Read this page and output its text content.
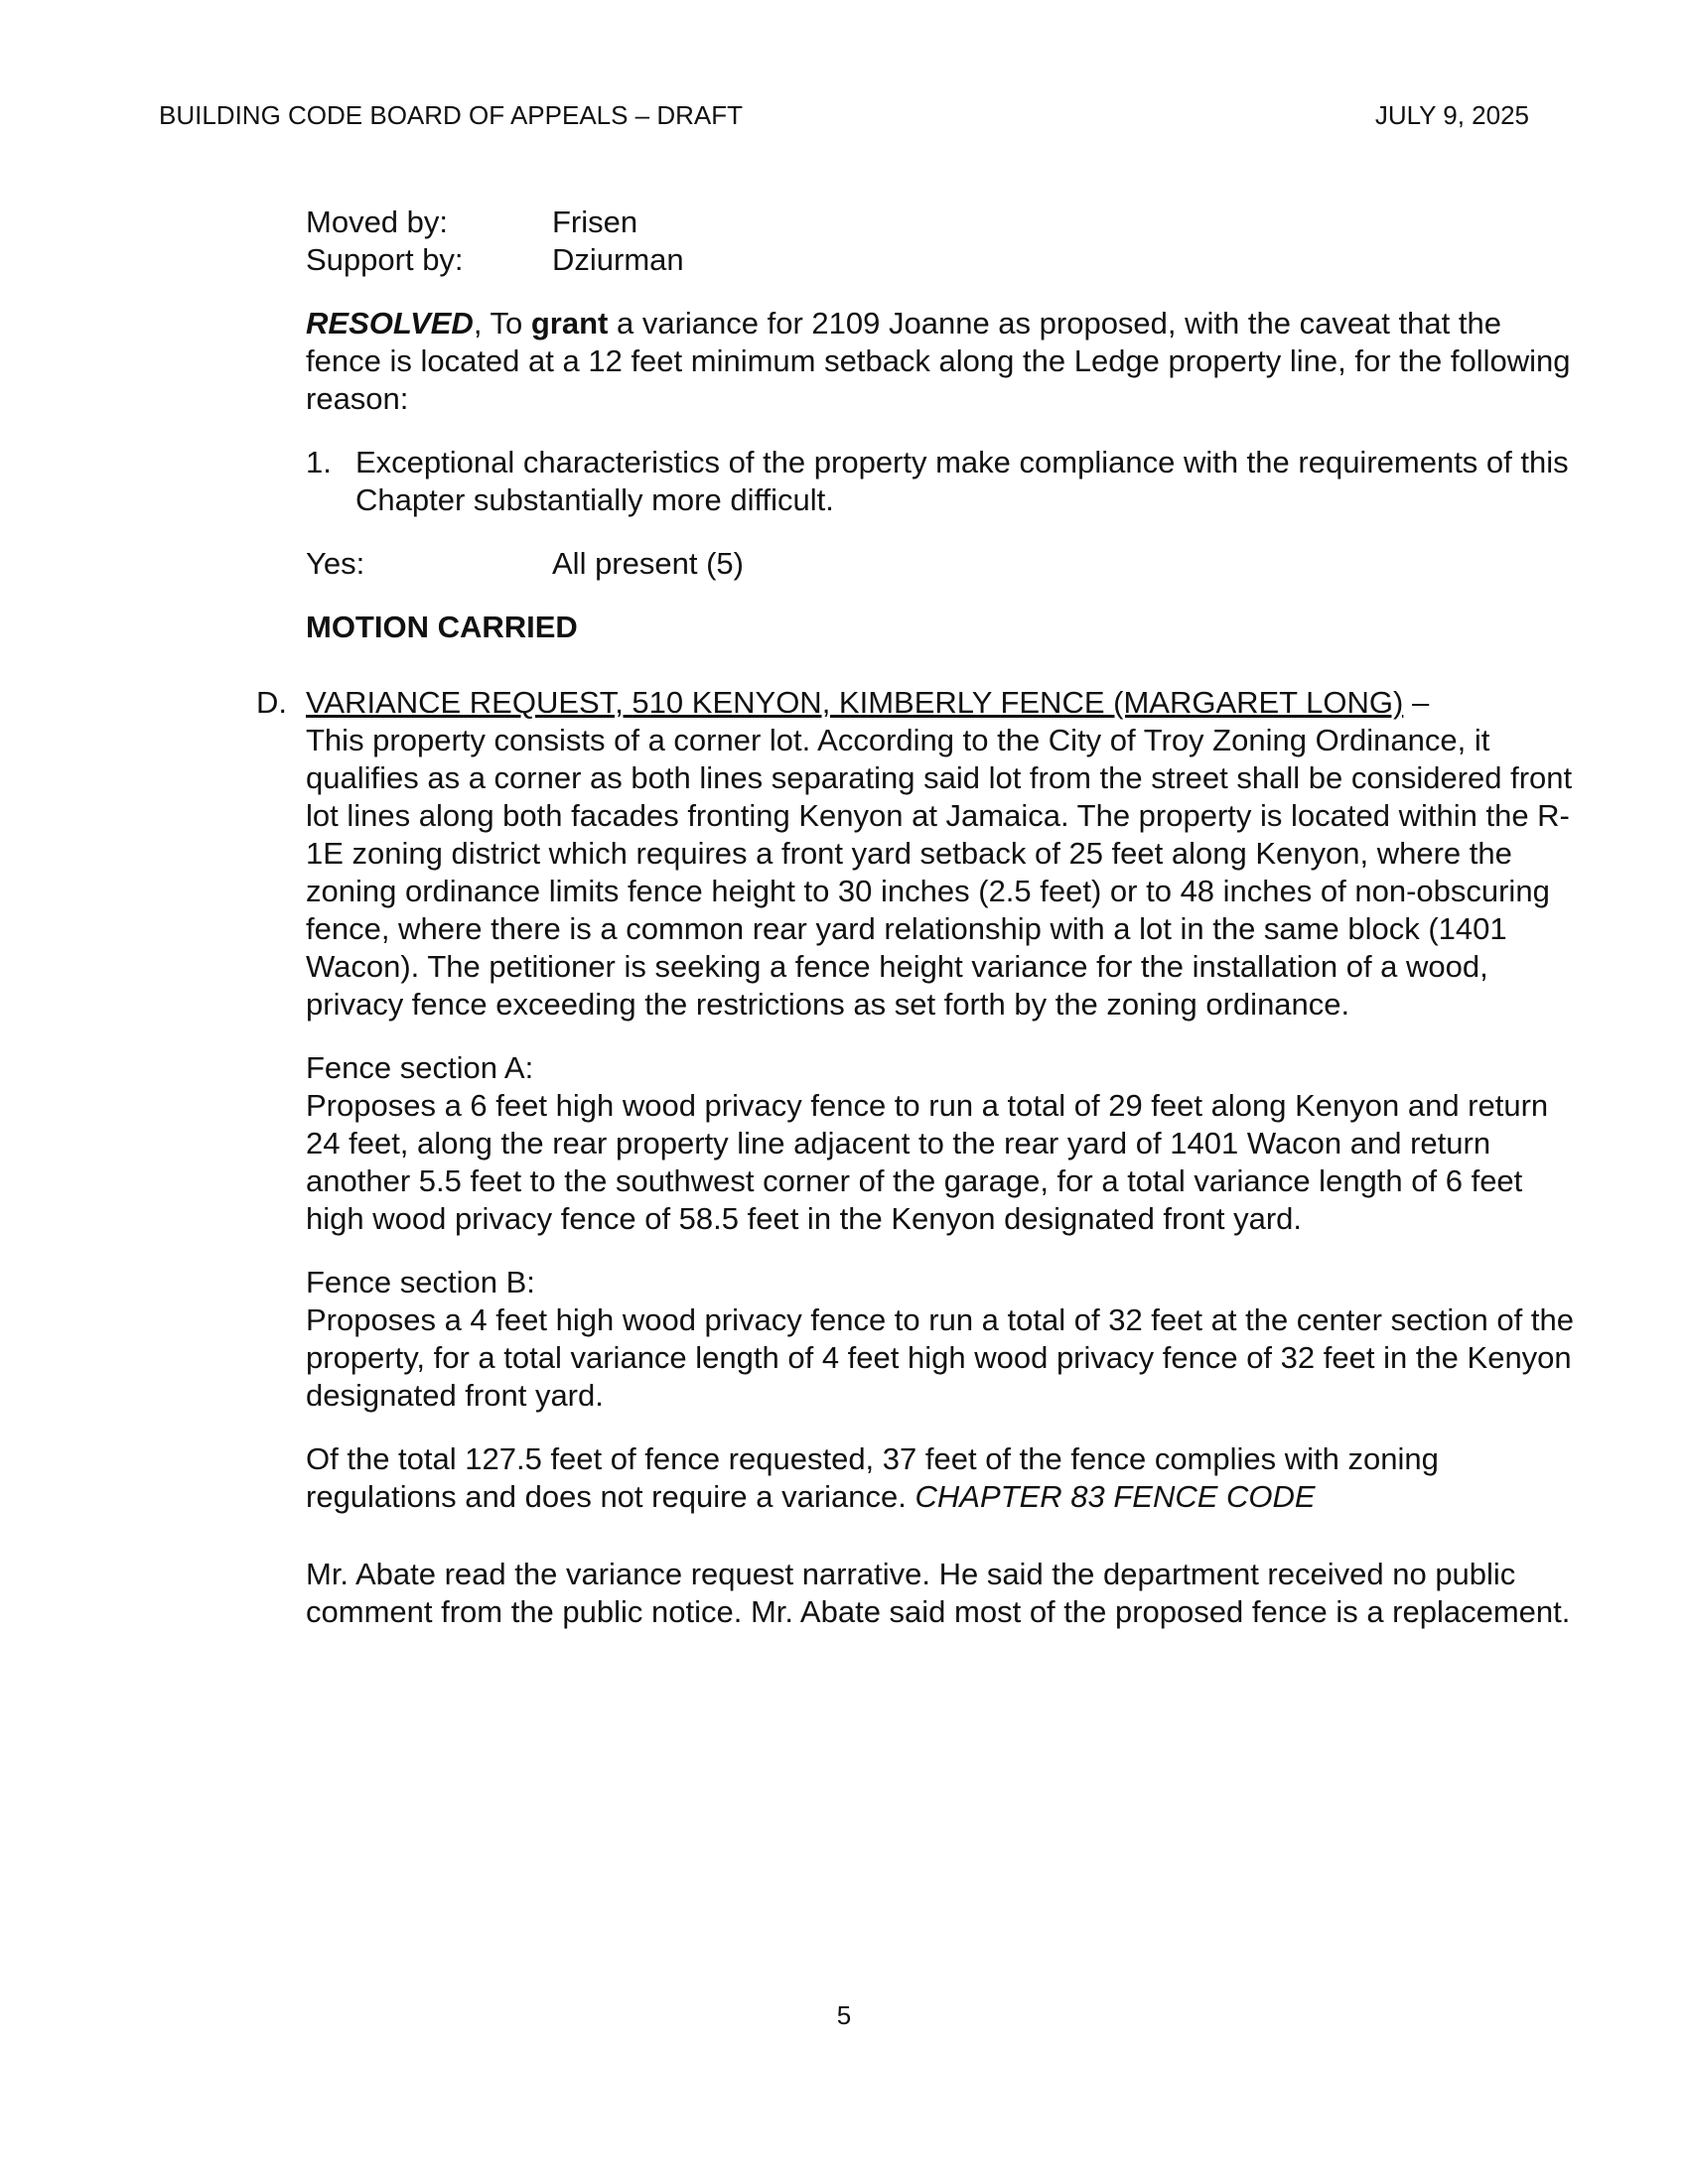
BUILDING CODE BOARD OF APPEALS – DRAFT	JULY 9, 2025
Moved by:	Frisen
Support by:	Dziurman

RESOLVED, To grant a variance for 2109 Joanne as proposed, with the caveat that the fence is located at a 12 feet minimum setback along the Ledge property line, for the following reason:

1. Exceptional characteristics of the property make compliance with the requirements of this Chapter substantially more difficult.
Yes:	All present (5)

MOTION CARRIED

D. VARIANCE REQUEST, 510 KENYON, KIMBERLY FENCE (MARGARET LONG) –
This property consists of a corner lot. According to the City of Troy Zoning Ordinance, it qualifies as a corner as both lines separating said lot from the street shall be considered front lot lines along both facades fronting Kenyon at Jamaica. The property is located within the R-1E zoning district which requires a front yard setback of 25 feet along Kenyon, where the zoning ordinance limits fence height to 30 inches (2.5 feet) or to 48 inches of non-obscuring fence, where there is a common rear yard relationship with a lot in the same block (1401 Wacon). The petitioner is seeking a fence height variance for the installation of a wood, privacy fence exceeding the restrictions as set forth by the zoning ordinance.

Fence section A:
Proposes a 6 feet high wood privacy fence to run a total of 29 feet along Kenyon and return 24 feet, along the rear property line adjacent to the rear yard of 1401 Wacon and return another 5.5 feet to the southwest corner of the garage, for a total variance length of 6 feet high wood privacy fence of 58.5 feet in the Kenyon designated front yard.

Fence section B:
Proposes a 4 feet high wood privacy fence to run a total of 32 feet at the center section of the property, for a total variance length of 4 feet high wood privacy fence of 32 feet in the Kenyon designated front yard.

Of the total 127.5 feet of fence requested, 37 feet of the fence complies with zoning regulations and does not require a variance. CHAPTER 83 FENCE CODE

Mr. Abate read the variance request narrative. He said the department received no public comment from the public notice. Mr. Abate said most of the proposed fence is a replacement.

5
